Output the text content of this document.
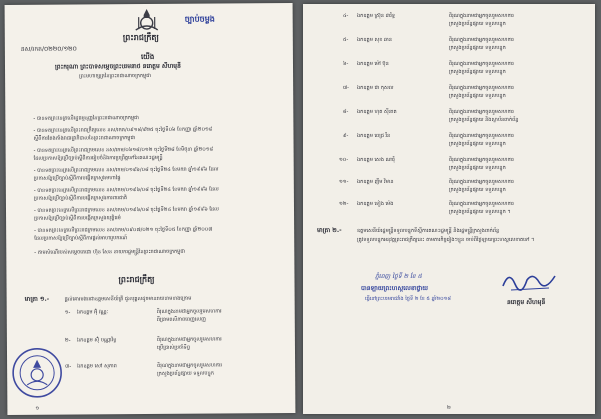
ច្បាប់ចម្លង
ព្រះរាជក្រឹត្យ
នស/រកត/០២២០/១២០
យើង
ព្រះករុណា ព្រះបាទសម្តេចព្រះបរមនាថ នរោត្តម សីហមុនី
ព្រះមហាក្សត្រនៃព្រះរាជាណាចក្រកម្ពុជា
- បានទតព្រះនេត្រលើរដ្ឋធម្មនុញ្ញនៃព្រះរាជាណាចក្រកម្ពុជា
- បានទតព្រះនេត្រលើព្រះរាជក្រឹត្យលេខ នស/រកត/០៩១៨/៩២៥ ចុះថ្ងៃទី០៦ ខែកញ្ញា ឆ្នាំ២០១៨
ស្តីពីការតែងតាំងរាជរដ្ឋាភិបាលនៃព្រះរាជាណាចក្រកម្ពុជា
- បានទតព្រះនេត្រលើព្រះរាជក្រមលេខ នស/រកម/០៦១៨/០១២ ចុះថ្ងៃទី២៨ ខែមិថុនា ឆ្នាំ២០១៨
ដែលប្រកាសឱ្យប្រើច្បាប់ស្តីពីការរៀបចំនិងការប្រព្រឹត្តទៅនៃគណៈរដ្ឋមន្ត្រី
- បានទតព្រះនេត្រលើព្រះរាជក្រមលេខ នស/រកម/០១៩៦/០៨ ចុះថ្ងៃទី២៤ ខែមករា ឆ្នាំ១៩៩៦ ដែល
ប្រកាសឱ្យប្រើច្បាប់ស្តីពីការបង្កើតក្រសួងមហាផ្ទៃ
- បានទតព្រះនេត្រលើព្រះរាជក្រមលេខ នស/រកម/០១៩៦/០៨ ចុះថ្ងៃទី២៤ ខែមករា ឆ្នាំ១៩៩៦ ដែល
ប្រកាសឱ្យប្រើច្បាប់ស្តីពីការបង្កើតក្រសួងការពារជាតិ
- បានទតព្រះនេត្រលើព្រះរាជក្រមលេខ នស/រកម/០១៩៦/០៨ ចុះថ្ងៃទី២៤ ខែមករា ឆ្នាំ១៩៩៦ ដែល
ប្រកាសឱ្យប្រើច្បាប់ស្តីពីការបង្កើតក្រសួងយុត្តិធម៌
- បានទតព្រះនេត្រលើព្រះរាជក្រមលេខ នស/រកម/០៩០៧/០២១ ចុះថ្ងៃទី០៥ ខែកញ្ញា ឆ្នាំ២០០៧
ដែលប្រកាសឱ្យប្រើច្បាប់ស្តីពីការផ្តល់អាហារូបករណ៍
- តាមសំណើរបស់សម្តេចតេជោ ហ៊ុន សែន នាយករដ្ឋមន្ត្រីនៃព្រះរាជាណាចក្រកម្ពុជា
ព្រះរាជក្រឹត្យ
មាត្រា ១.-	ផ្តល់គោរមងារជាឧត្តមសេនីយ៍ត្រី ជូនបុគ្គលដូចមានរាយនាមខាងក្រោម
១- ឯកឧត្តម អ៊ុំ វណ្ណៈ	ពិរុណក្នុងនាមជាអ្នកចូលរួមសហការ
ពីប្រាមពលិភាពពេញលេញ
២- ឯកឧត្តម ស៊ុំ បណ្ណារិទ្ធ	ពិរុណក្នុងនាមជាអ្នកចូលរួមសហការ
ប្រើប្រាស់ប្រចាំទិព្វ
៣- ឯកឧត្តម សៅ សុភាព	ពិរុណក្នុងនាមជាអ្នកចូលរួមសហការ
ក្រសួងប្រព័ន្ធផ្សាយ ទទួលបន្ទុក
១
៤- ឯកឧត្តម ស្រ៊ុន ដារិទ្ធ	ពិរុណក្នុងនាមជាអ្នកចូលរួមសហការ
ក្រសួងប្រព័ន្ធផ្សាយ ទទួលបន្ទុក
៥- ឯកឧត្តម សុខ ឆាន	ពិរុណក្នុងនាមជាអ្នកចូលរួមសហការ
ក្រសួងប្រព័ន្ធផ្សាយ ទទួលបន្ទុក
៦- ឯកឧត្តម ម៉ៅ ប៊ុន	ពិរុណក្នុងនាមជាអ្នកចូលរួមសហការ
ក្រសួងប្រព័ន្ធផ្សាយ ទទួលបន្ទុក
៧- ឯកឧត្តម ជា កុសល	ពិរុណក្នុងនាមជាអ្នកចូលរួមសហការ
ក្រសួងប្រព័ន្ធផ្សាយ ទទួលបន្ទុក
៨- ឯកឧត្តម ហុត ស៊ីនាត	ពិរុណក្នុងនាមជាអ្នកចូលរួមសហការ
ក្រសួងប្រព័ន្ធផ្សាយ និងស្ថាប័នពាក់ព័ន្ធ
៩- ឯកឧត្តម ពេជ្រ រីន	ពិរុណក្នុងនាមជាអ្នកចូលរួមសហការ
ក្រសួងប្រព័ន្ធផ្សាយ ទទួលបន្ទុក
១០- ឯកឧត្តម សេង ណារ៉ុំ	ពិរុណក្នុងនាមជាអ្នកចូលរួមសហការ
ក្រសួងប្រព័ន្ធផ្សាយ ទទួលបន្ទុក
១១- ឯកឧត្តម ញឹម វិមាន	ពិរុណក្នុងនាមជាអ្នកចូលរួមសហការ
ក្រសួងប្រព័ន្ធផ្សាយ ទទួលបន្ទុក
១២- ឯកឧត្តម ទៀង ម៉េង	ពិរុណក្នុងនាមជាអ្នកចូលរួមសហការ
ក្រសួងប្រព័ន្ធផ្សាយ ទទួលបន្ទុក ។
មាត្រា ២.-	ឧត្តមសេនីយ៍រដ្ឋមន្ត្រីទទួលបន្ទុកទីស្តីការគណៈរដ្ឋមន្ត្រី និងរដ្ឋមន្ត្រីក្រសួងពាក់ព័ន្ធ
ត្រូវទទួលបន្ទុកអនុវត្តព្រះរាជក្រឹត្យនេះ តាមភារកិច្ចរៀងៗខ្លួន ចាប់ពីថ្ងៃឡាយព្រះហស្តលេខាតទៅ ។
ភ្នំពេញ ថ្ងៃទី ២ ខែ ៥
បានឡាយព្រះហស្តលេខាថ្វាយ
ធ្វើនៅព្រះបរមរាជវាំង ថ្ងៃទី ២ ខែ ៥ ឆ្នាំ២០១៨	នរោត្តម សីហមុនី
២
